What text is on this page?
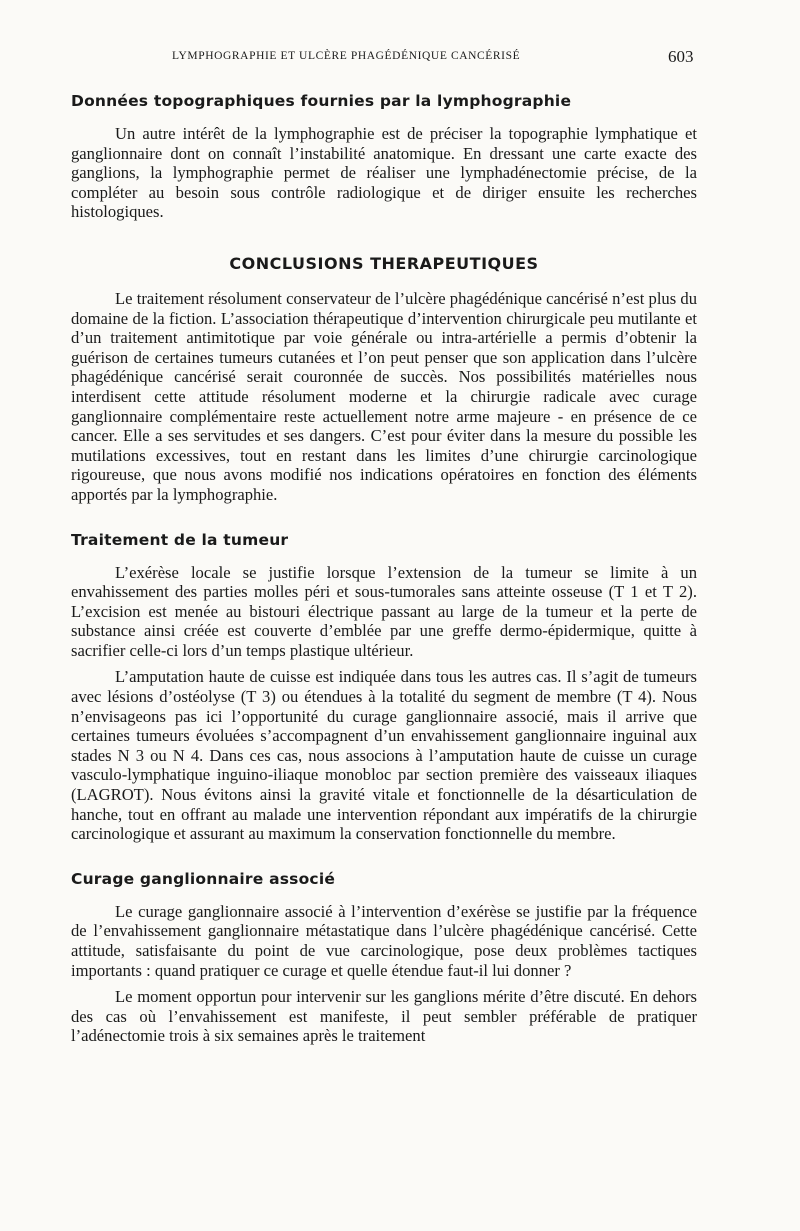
LYMPHOGRAPHIE ET ULCÈRE PHAGÉDÉNIQUE CANCÉRISÉ	603
Données topographiques fournies par la lymphographie

Un autre intérêt de la lymphographie est de préciser la topographie lymphatique et ganglionnaire dont on connaît l’instabilité anatomique. En dressant une carte exacte des ganglions, la lymphographie permet de réaliser une lymphadénectomie précise, de la compléter au besoin sous contrôle radiologique et de diriger ensuite les recherches histologiques.

CONCLUSIONS THERAPEUTIQUES

Le traitement résolument conservateur de l’ulcère phagédénique cancérisé n’est plus du domaine de la fiction. L’association thérapeutique d’intervention chirurgicale peu mutilante et d’un traitement antimitotique par voie générale ou intra-artérielle a permis d’obtenir la guérison de certaines tumeurs cutanées et l’on peut penser que son application dans l’ulcère phagédénique cancérisé serait couronnée de succès. Nos possibilités matérielles nous interdisent cette attitude résolument moderne et la chirurgie radicale avec curage ganglionnaire complémentaire reste actuellement notre arme majeure - en présence de ce cancer. Elle a ses servitudes et ses dangers. C’est pour éviter dans la mesure du possible les mutilations excessives, tout en restant dans les limites d’une chirurgie carcinologique rigoureuse, que nous avons modifié nos indications opératoires en fonction des éléments apportés par la lymphographie.

Traitement de la tumeur

L’exérèse locale se justifie lorsque l’extension de la tumeur se limite à un envahissement des parties molles péri et sous-tumorales sans atteinte osseuse (T 1 et T 2). L’excision est menée au bistouri électrique passant au large de la tumeur et la perte de substance ainsi créée est couverte d’emblée par une greffe dermo-épidermique, quitte à sacrifier celle-ci lors d’un temps plastique ultérieur.

L’amputation haute de cuisse est indiquée dans tous les autres cas. Il s’agit de tumeurs avec lésions d’ostéolyse (T 3) ou étendues à la totalité du segment de membre (T 4). Nous n’envisageons pas ici l’opportunité du curage ganglionnaire associé, mais il arrive que certaines tumeurs évoluées s’accompagnent d’un envahissement ganglionnaire inguinal aux stades N 3 ou N 4. Dans ces cas, nous associons à l’amputation haute de cuisse un curage vasculo-lymphatique inguino-iliaque monobloc par section première des vaisseaux iliaques (LAGROT). Nous évitons ainsi la gravité vitale et fonctionnelle de la désarticulation de hanche, tout en offrant au malade une intervention répondant aux impératifs de la chirurgie carcinologique et assurant au maximum la conservation fonctionnelle du membre.

Curage ganglionnaire associé

Le curage ganglionnaire associé à l’intervention d’exérèse se justifie par la fréquence de l’envahissement ganglionnaire métastatique dans l’ulcère phagédénique cancérisé. Cette attitude, satisfaisante du point de vue carcinologique, pose deux problèmes tactiques importants : quand pratiquer ce curage et quelle étendue faut-il lui donner ?

Le moment opportun pour intervenir sur les ganglions mérite d’être discuté. En dehors des cas où l’envahissement est manifeste, il peut sembler préférable de pratiquer l’adénectomie trois à six semaines après le traitement
